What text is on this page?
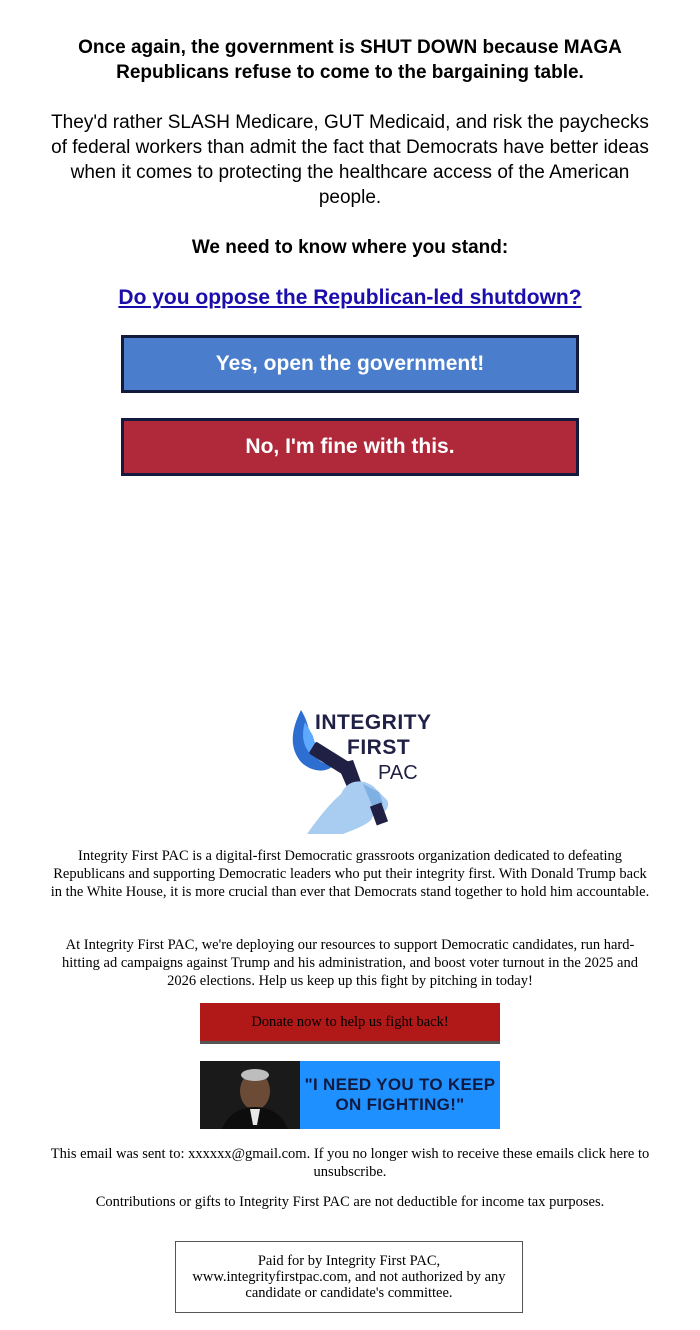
Once again, the government is SHUT DOWN because MAGA Republicans refuse to come to the bargaining table.
They'd rather SLASH Medicare, GUT Medicaid, and risk the paychecks of federal workers than admit the fact that Democrats have better ideas when it comes to protecting the healthcare access of the American people.
We need to know where you stand:
Do you oppose the Republican-led shutdown?
Yes, open the government!
No, I'm fine with this.
INTEGRITY
FIRST
PAC
Integrity First PAC is a digital-first Democratic grassroots organization dedicated to defeating Republicans and supporting Democratic leaders who put their integrity first. With Donald Trump back in the White House, it is more crucial than ever that Democrats stand together to hold him accountable.
At Integrity First PAC, we're deploying our resources to support Democratic candidates, run hard-hitting ad campaigns against Trump and his administration, and boost voter turnout in the 2025 and 2026 elections. Help us keep up this fight by pitching in today!
Donate now to help us fight back!
"I NEED YOU TO KEEP ON FIGHTING!"
This email was sent to: xxxxxx@gmail.com. If you no longer wish to receive these emails click here to unsubscribe.
Contributions or gifts to Integrity First PAC are not deductible for income tax purposes.
Paid for by Integrity First PAC, www.integrityfirstpac.com, and not authorized by any candidate or candidate's committee.
